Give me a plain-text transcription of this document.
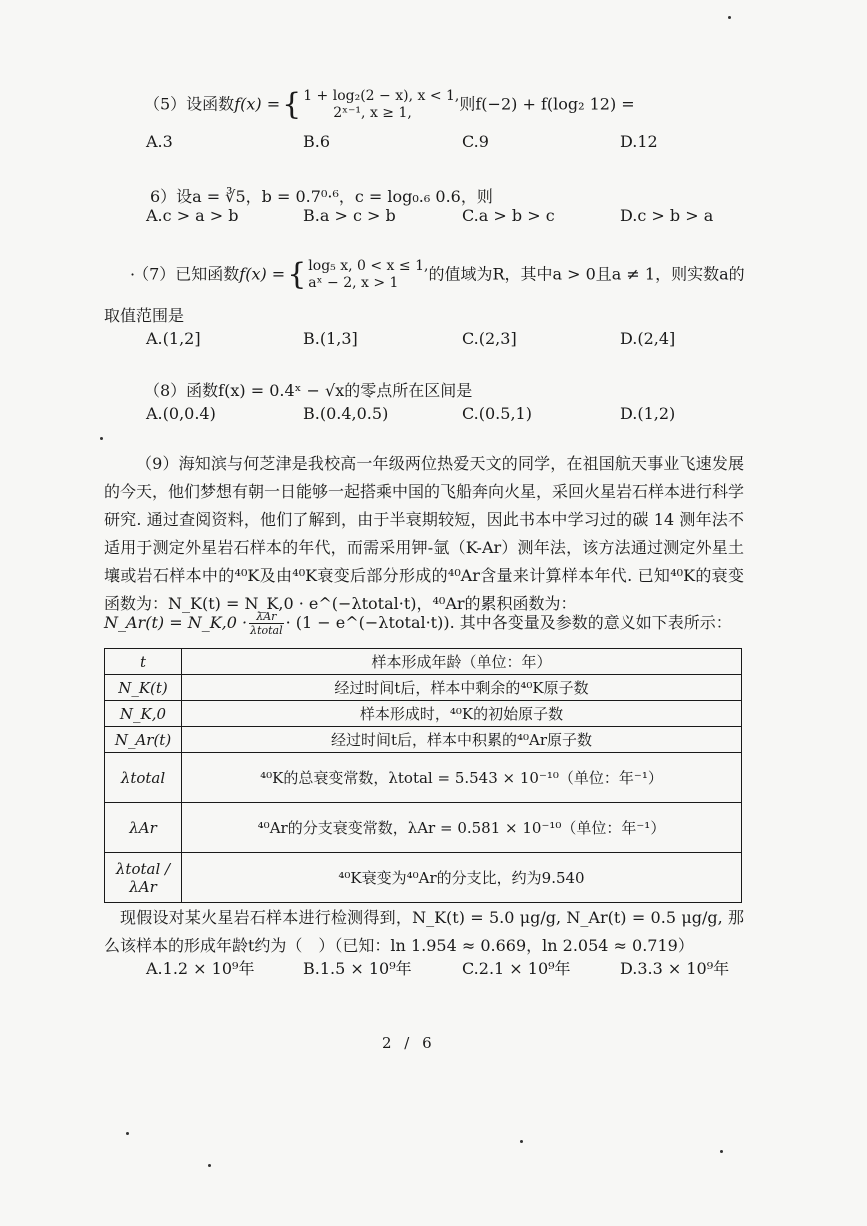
（5）设函数f(x) ={ 1 + log₂(2 − x), x < 1,
2ˣ⁻¹, x ≥ 1,	则f(−2) + f(log₂ 12) =
A.3	B.6	C.9	D.12
6）设a = ∛5，b = 0.7⁰·⁶，c = log₀.₆ 0.6，则
A.c > a > b	B.a > c > b	C.a > b > c	D.c > b > a
· （7）已知函数f(x) ={ log₅ x, 0 < x ≤ 1,
aˣ − 2, x > 1	的值域为R，其中a > 0且a ≠ 1，则实数a的
取值范围是
A.(1,2]	B.(1,3]	C.(2,3]	D.(2,4]
（8）函数f(x) = 0.4ˣ − √x的零点所在区间是
A.(0,0.4)	B.(0.4,0.5)	C.(0.5,1)	D.(1,2)
（9）海知滨与何芝津是我校高一年级两位热爱天文的同学，在祖国航天事业飞速发展的今天，他们梦想有朝一日能够一起搭乘中国的飞船奔向火星，采回火星岩石样本进行科学研究. 通过查阅资料，他们了解到，由于半衰期较短，因此书本中学习过的碳 14 测年法不适用于测定外星岩石样本的年代，而需采用钾-氩（K-Ar）测年法，该方法通过测定外星土壤或岩石样本中的⁴⁰K及由⁴⁰K衰变后部分形成的⁴⁰Ar含量来计算样本年代. 已知⁴⁰K的衰变函数为：N_K(t) = N_K,0 · e^(−λtotal·t)，⁴⁰Ar的累积函数为：
N_Ar(t) = N_K,0 · $\frac{\text{λAr}}{\text{λtotal}} \cdot (1$ − e^(−λtotal·t)). 其中各变量及参数的意义如下表所示：
t	样本形成年龄（单位：年）
N_K(t)	经过时间t后，样本中剩余的⁴⁰K原子数
N_K,0	样本形成时，⁴⁰K的初始原子数
N_Ar(t)	经过时间t后，样本中积累的⁴⁰Ar原子数
λtotal	⁴⁰K的总衰变常数，λtotal = 5.543 × 10⁻¹⁰（单位：年⁻¹）
λAr	⁴⁰Ar的分支衰变常数，λAr = 0.581 × 10⁻¹⁰（单位：年⁻¹）
λtotal / λAr	⁴⁰K衰变为⁴⁰Ar的分支比，约为9.540
现假设对某火星岩石样本进行检测得到，N_K(t) = 5.0 μg/g, N_Ar(t) = 0.5 μg/g, 那么该样本的形成年龄t约为（　）（已知：ln 1.954 ≈ 0.669，ln 2.054 ≈ 0.719）
A.1.2 × 10⁹年	B.1.5 × 10⁹年	C.2.1 × 10⁹年	D.3.3 × 10⁹年
2 / 6
